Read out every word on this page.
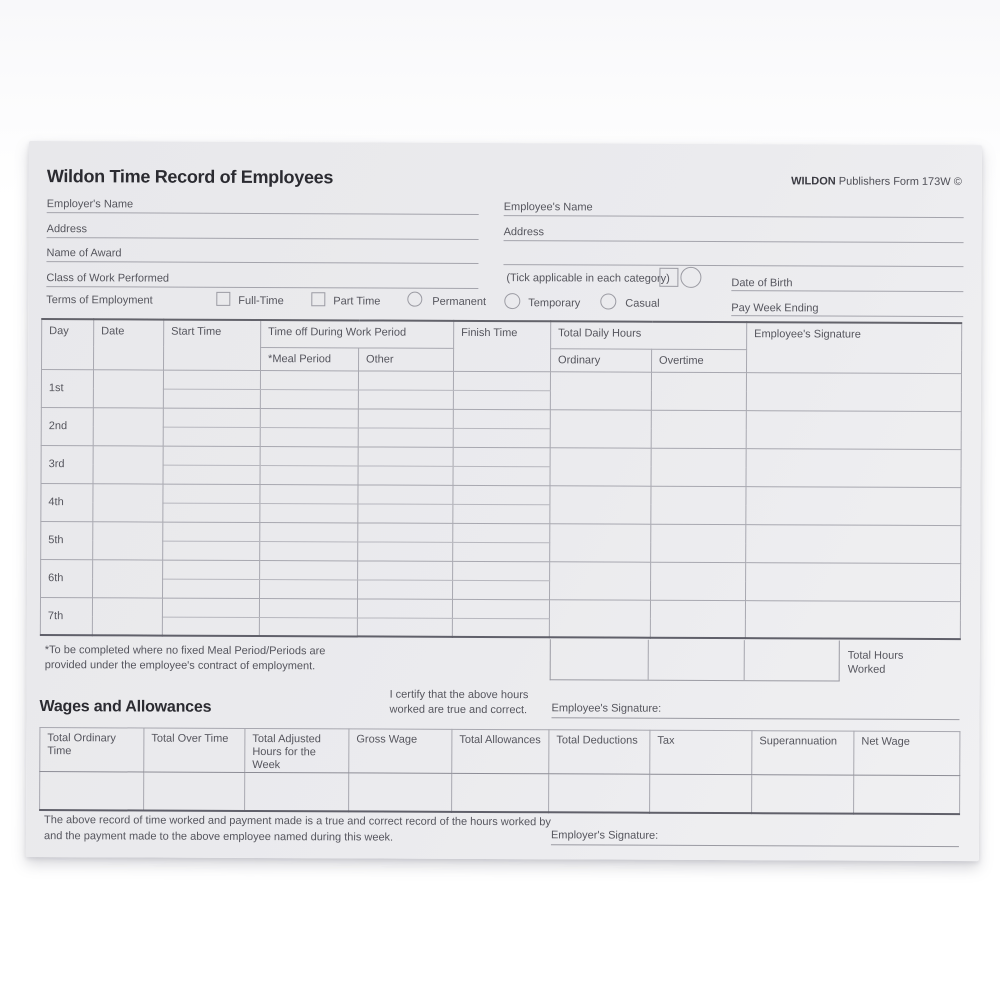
Wildon Time Record of Employees	WILDON Publishers Form 173W ©
Employer's Name
Address
Name of Award
Class of Work Performed
Terms of Employment	Full-Time	Part Time	Permanent
Employee's Name
Address
(Tick applicable in each category)	Date of Birth
Temporary	Casual	Pay Week Ending
Day	Date	Start Time	Time off During Work Period		Finish Time	Total Daily Hours		Employee's Signature
			*Meal Period	Other		Ordinary	Overtime	
1st								

2nd								

3rd								

4th								

5th								

6th								

7th								

Total Hours
Worked
*To be completed where no fixed Meal Period/Periods are
provided under the employee's contract of employment.
I certify that the above hours
worked are true and correct. Employee's Signature:
Wages and Allowances
Total Ordinary Time	Total Over Time	Total Adjusted Hours for the Week	Gross Wage	Total Allowances	Total Deductions	Tax	Superannuation	Net Wage

The above record of time worked and payment made is a true and correct record of the hours worked by
and the payment made to the above employee named during this week.	Employer's Signature:
